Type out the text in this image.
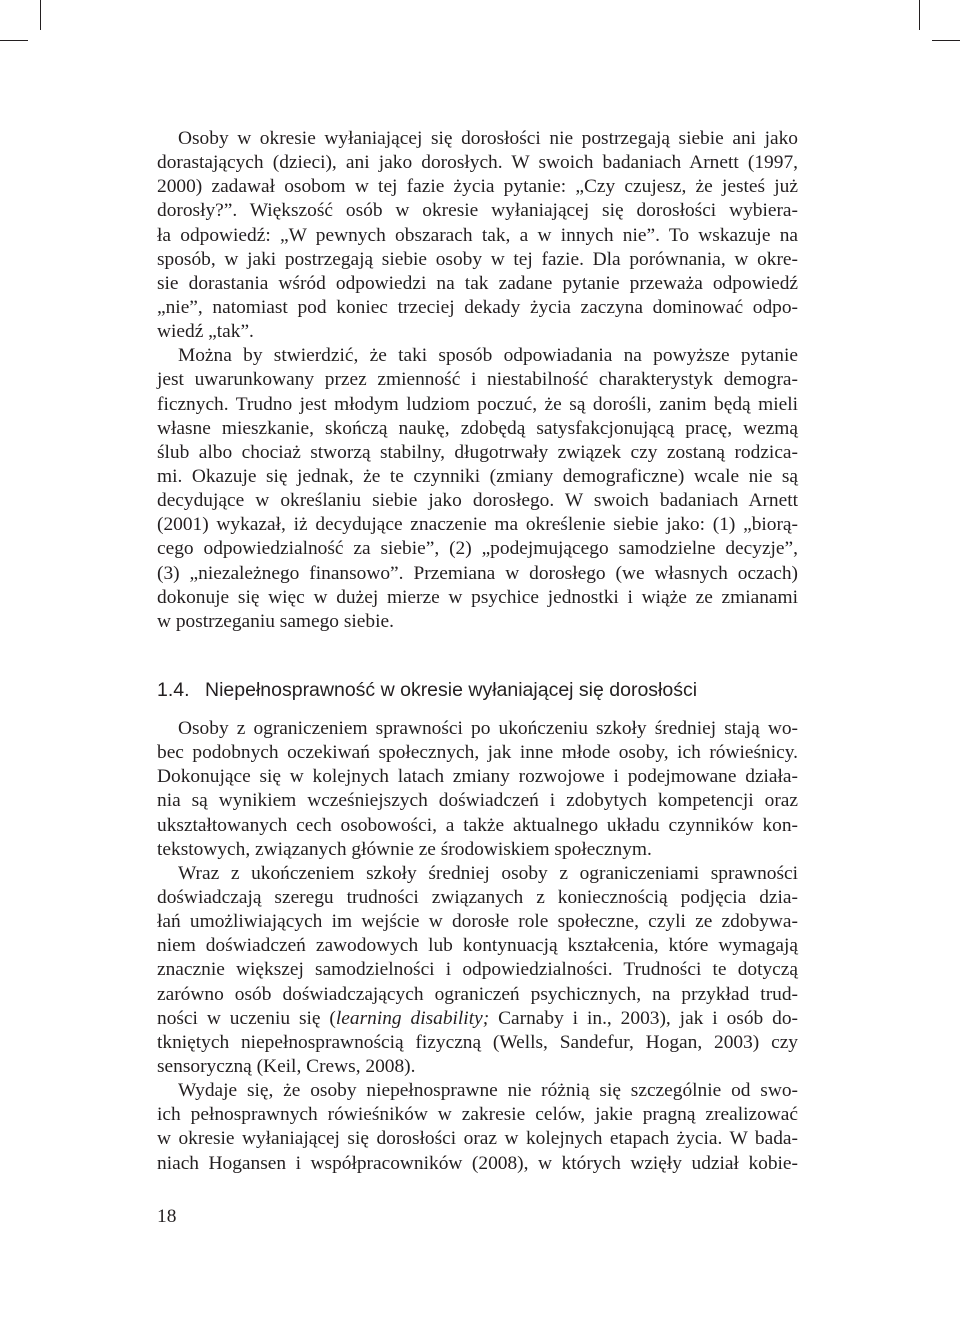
Osoby w okresie wyłaniającej się dorosłości nie postrzegają siebie ani jako
dorastających (dzieci), ani jako dorosłych. W swoich badaniach Arnett (1997,
2000) zadawał osobom w tej fazie życia pytanie: „Czy czujesz, że jesteś już
dorosły?”. Większość osób w okresie wyłaniającej się dorosłości wybiera-
ła odpowiedź: „W pewnych obszarach tak, a w innych nie”. To wskazuje na
sposób, w jaki postrzegają siebie osoby w tej fazie. Dla porównania, w okre-
sie dorastania wśród odpowiedzi na tak zadane pytanie przeważa odpowiedź
„nie”, natomiast pod koniec trzeciej dekady życia zaczyna dominować odpo-
wiedź „tak”.
Można by stwierdzić, że taki sposób odpowiadania na powyższe pytanie
jest uwarunkowany przez zmienność i niestabilność charakterystyk demogra-
ficznych. Trudno jest młodym ludziom poczuć, że są dorośli, zanim będą mieli
własne mieszkanie, skończą naukę, zdobędą satysfakcjonującą pracę, wezmą
ślub albo chociaż stworzą stabilny, długotrwały związek czy zostaną rodzica-
mi. Okazuje się jednak, że te czynniki (zmiany demograficzne) wcale nie są
decydujące w określaniu siebie jako dorosłego. W swoich badaniach Arnett
(2001) wykazał, iż decydujące znaczenie ma określenie siebie jako: (1) „biorą-
cego odpowiedzialność za siebie”, (2) „podejmującego samodzielne decyzje”,
(3) „niezależnego finansowo”. Przemiana w dorosłego (we własnych oczach)
dokonuje się więc w dużej mierze w psychice jednostki i wiąże ze zmianami
w postrzeganiu samego siebie.
1.4. Niepełnosprawność w okresie wyłaniającej się dorosłości
Osoby z ograniczeniem sprawności po ukończeniu szkoły średniej stają wo-
bec podobnych oczekiwań społecznych, jak inne młode osoby, ich rówieśnicy.
Dokonujące się w kolejnych latach zmiany rozwojowe i podejmowane działa-
nia są wynikiem wcześniejszych doświadczeń i zdobytych kompetencji oraz
ukształtowanych cech osobowości, a także aktualnego układu czynników kon-
tekstowych, związanych głównie ze środowiskiem społecznym.
Wraz z ukończeniem szkoły średniej osoby z ograniczeniami sprawności
doświadczają szeregu trudności związanych z koniecznością podjęcia dzia-
łań umożliwiających im wejście w dorosłe role społeczne, czyli ze zdobywa-
niem doświadczeń zawodowych lub kontynuacją kształcenia, które wymagają
znacznie większej samodzielności i odpowiedzialności. Trudności te dotyczą
zarówno osób doświadczających ograniczeń psychicznych, na przykład trud-
ności w uczeniu się (learning disability; Carnaby i in., 2003), jak i osób do-
tkniętych niepełnosprawnością fizyczną (Wells, Sandefur, Hogan, 2003) czy
sensoryczną (Keil, Crews, 2008).
Wydaje się, że osoby niepełnosprawne nie różnią się szczególnie od swo-
ich pełnosprawnych rówieśników w zakresie celów, jakie pragną zrealizować
w okresie wyłaniającej się dorosłości oraz w kolejnych etapach życia. W bada-
niach Hogansen i współpracowników (2008), w których wzięły udział kobie-
18
